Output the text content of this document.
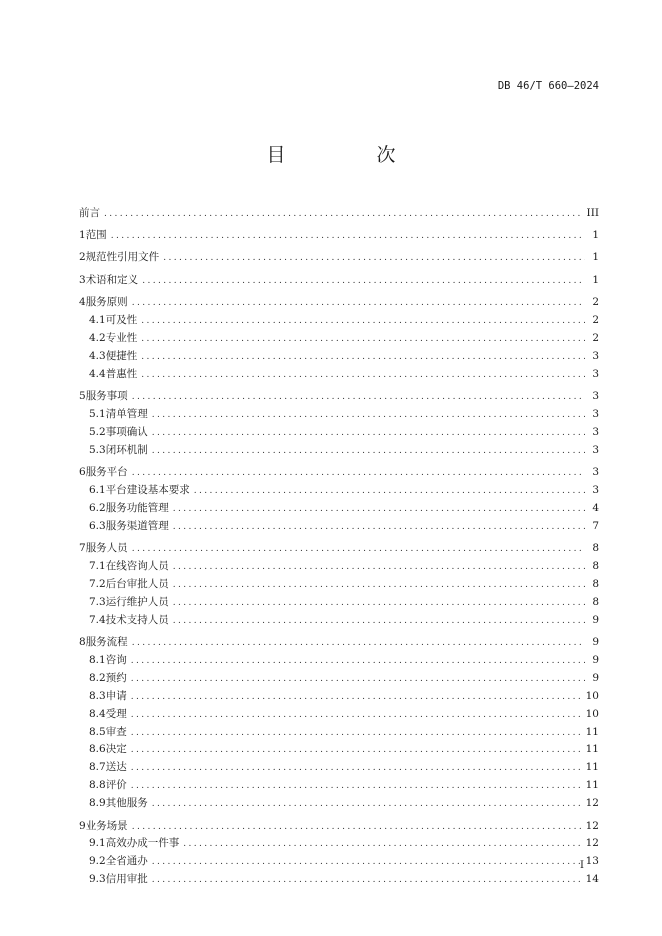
DB 46/T 660—2024
目　次
前言 .....	III
1 范围 .....	1
2 规范性引用文件 .....	1
3 术语和定义 .....	1
4 服务原则 .....	2
4.1 可及性 .....	2
4.2 专业性 .....	2
4.3 便捷性 .....	3
4.4 普惠性 .....	3
5 服务事项 .....	3
5.1 清单管理 .....	3
5.2 事项确认 .....	3
5.3 闭环机制 .....	3
6 服务平台 .....	3
6.1 平台建设基本要求 .....	3
6.2 服务功能管理 .....	4
6.3 服务渠道管理 .....	7
7 服务人员 .....	8
7.1 在线咨询人员 .....	8
7.2 后台审批人员 .....	8
7.3 运行维护人员 .....	8
7.4 技术支持人员 .....	9
8 服务流程 .....	9
8.1 咨询 .....	9
8.2 预约 .....	9
8.3 申请 .....	10
8.4 受理 .....	10
8.5 审查 .....	11
8.6 决定 .....	11
8.7 送达 .....	11
8.8 评价 .....	11
8.9 其他服务 .....	12
9 业务场景 .....	12
9.1 高效办成一件事 .....	12
9.2 全省通办 .....	13
9.3 信用审批 .....	14
I
